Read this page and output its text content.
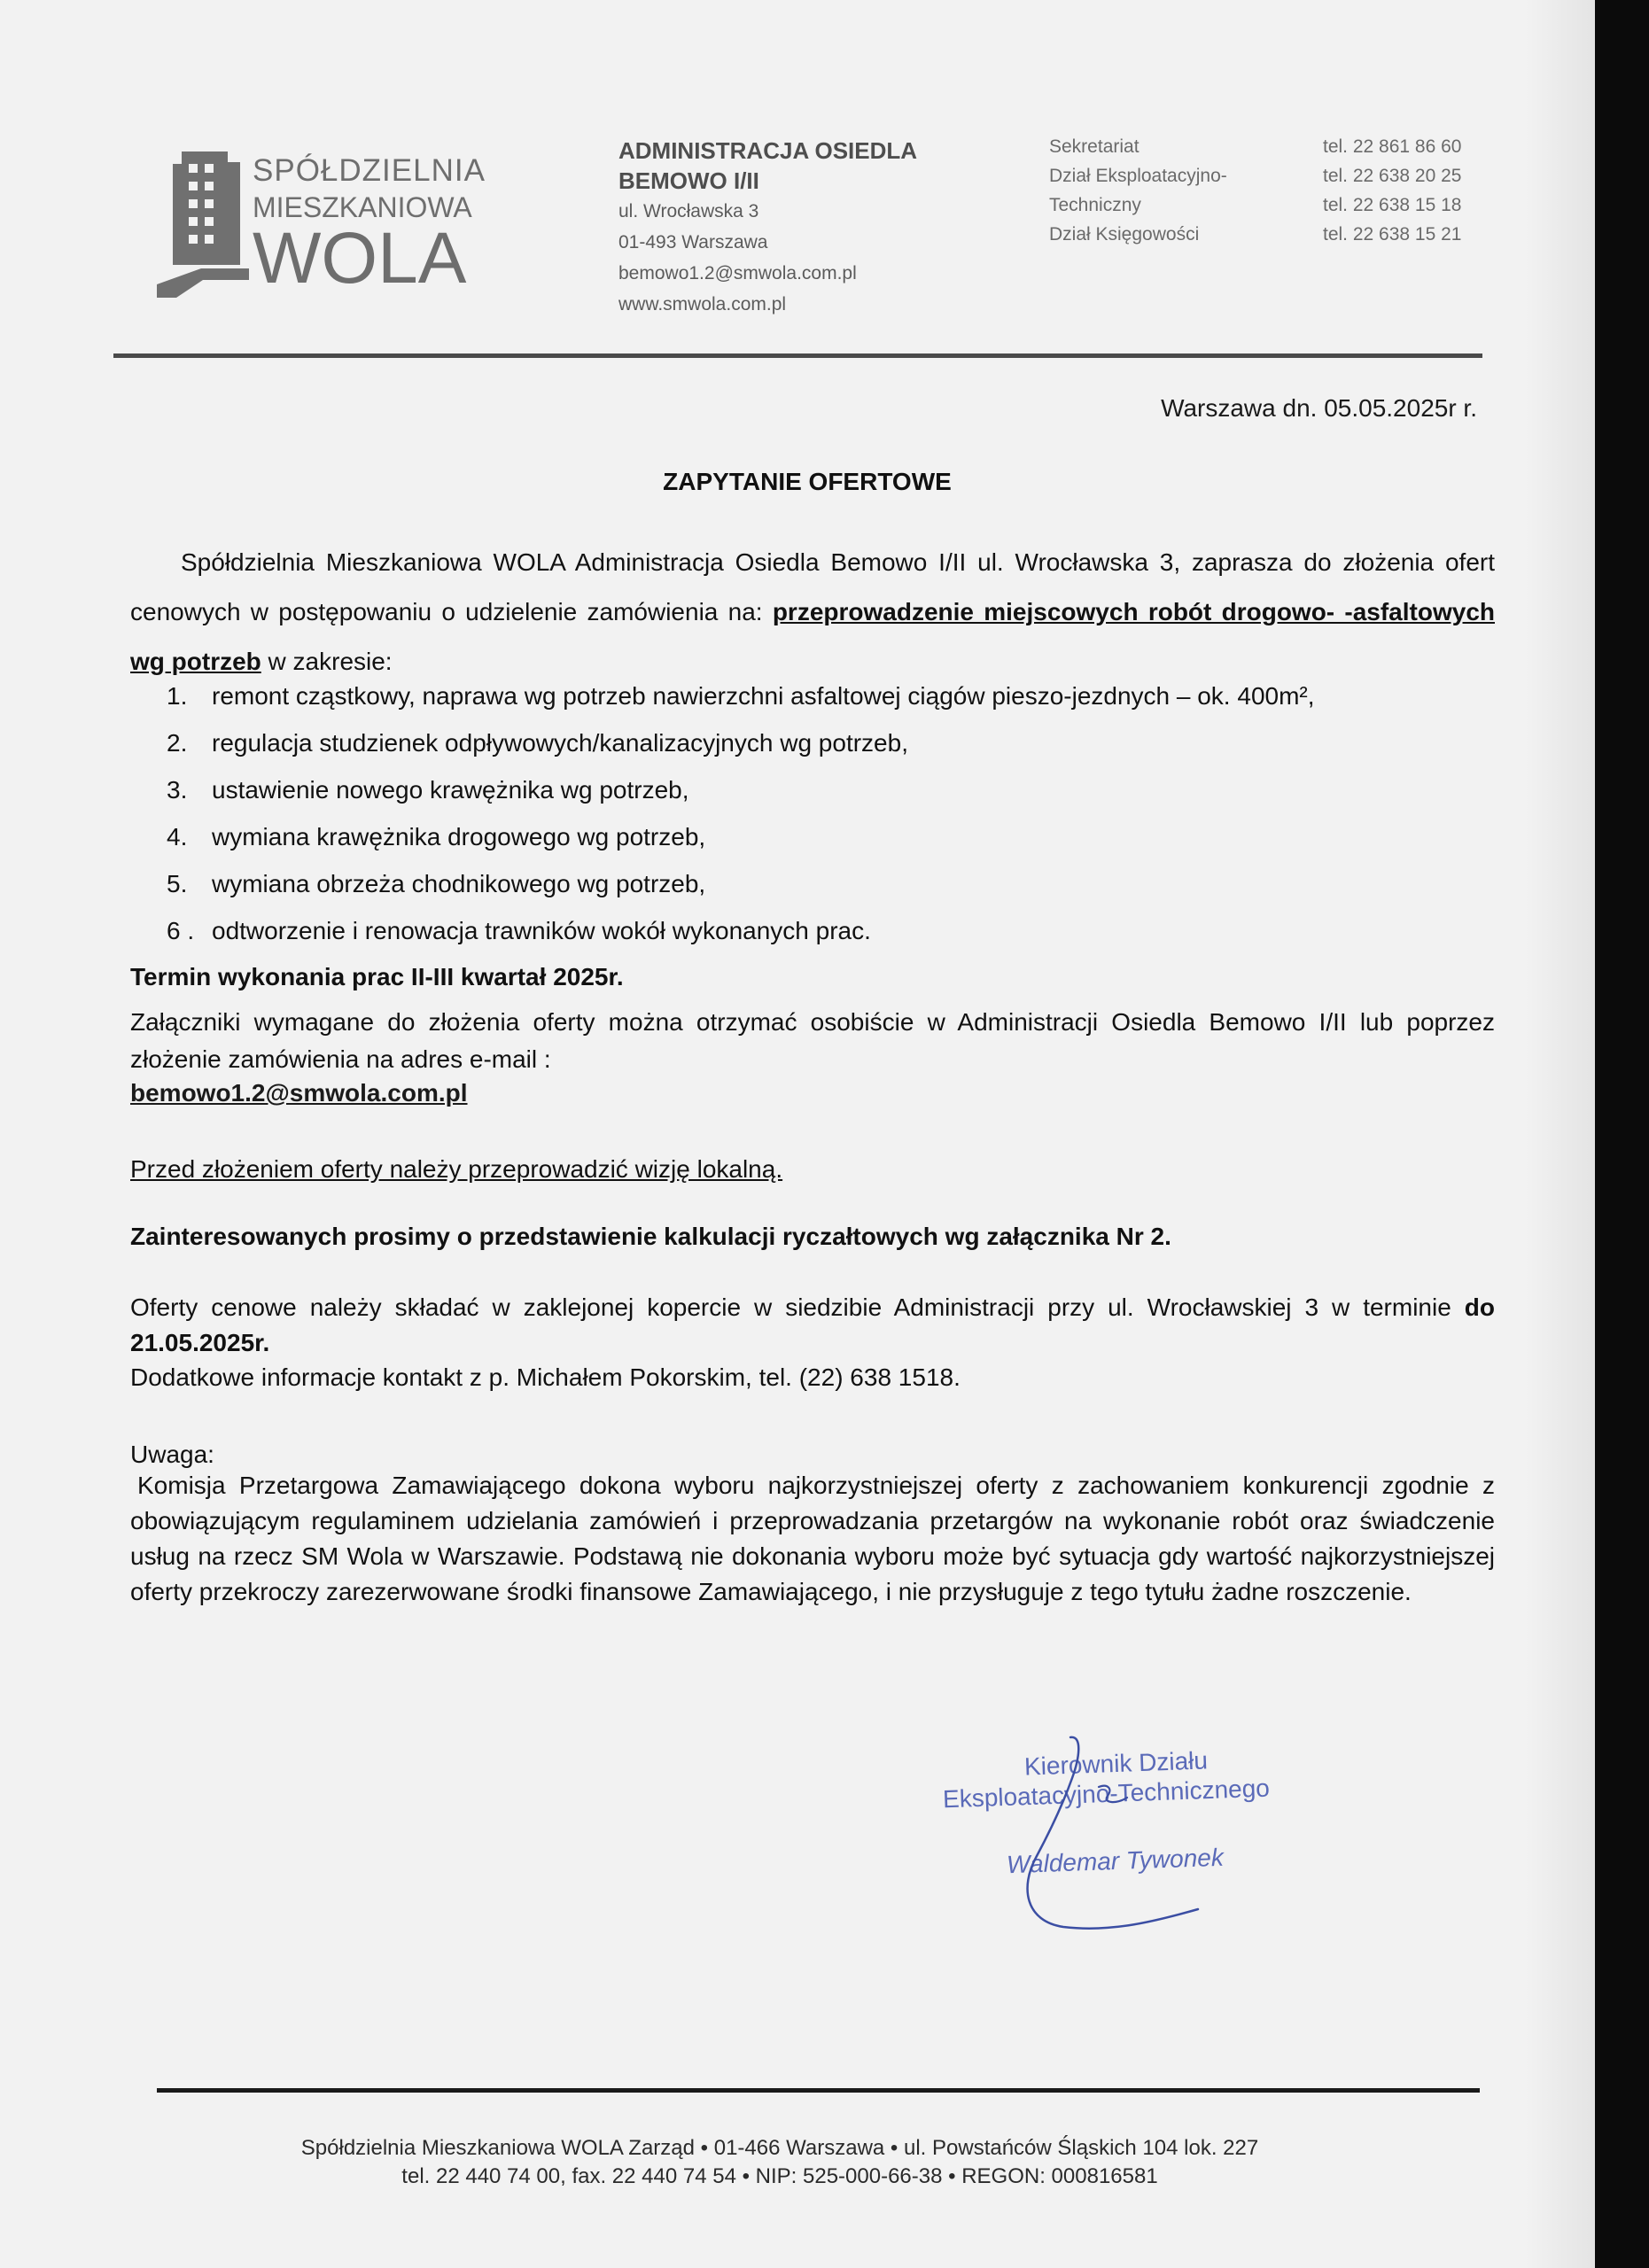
SPÓŁDZIELNIA
MIESZKANIOWA
WOLA
ADMINISTRACJA OSIEDLA
BEMOWO I/II
ul. Wrocławska 3
01-493 Warszawa
bemowo1.2@smwola.com.pl
www.smwola.com.pl
Sekretariat	tel. 22 861 86 60
Dział Eksploatacyjno-	tel. 22 638 20 25
Techniczny	tel. 22 638 15 18
Dział Księgowości	tel. 22 638 15 21
Warszawa dn. 05.05.2025r r.
ZAPYTANIE OFERTOWE
Spółdzielnia Mieszkaniowa WOLA Administracja Osiedla Bemowo I/II ul. Wrocławska 3, zaprasza do złożenia ofert cenowych w postępowaniu o udzielenie zamówienia na: przeprowadzenie miejscowych robót drogowo- -asfaltowych wg potrzeb w zakresie:
1. remont cząstkowy, naprawa wg potrzeb nawierzchni asfaltowej ciągów pieszo-jezdnych – ok. 400m²,
2. regulacja studzienek odpływowych/kanalizacyjnych wg potrzeb,
3. ustawienie nowego krawężnika wg potrzeb,
4. wymiana krawężnika drogowego wg potrzeb,
5. wymiana obrzeża chodnikowego wg potrzeb,
6 . odtworzenie i renowacja trawników wokół wykonanych prac.
Termin wykonania prac II-III kwartał 2025r.
Załączniki wymagane do złożenia oferty można otrzymać osobiście w Administracji Osiedla Bemowo I/II lub poprzez złożenie zamówienia na adres e-mail :
bemowo1.2@smwola.com.pl
Przed złożeniem oferty należy przeprowadzić wizję lokalną.
Zainteresowanych prosimy o przedstawienie kalkulacji ryczałtowych wg załącznika Nr 2.
Oferty cenowe należy składać w zaklejonej kopercie w siedzibie Administracji przy ul. Wrocławskiej 3 w terminie do 21.05.2025r.
Dodatkowe informacje kontakt z p. Michałem Pokorskim, tel. (22) 638 1518.
Uwaga:
Komisja Przetargowa Zamawiającego dokona wyboru najkorzystniejszej oferty z zachowaniem konkurencji zgodnie z obowiązującym regulaminem udzielania zamówień i przeprowadzania przetargów na wykonanie robót oraz świadczenie usług na rzecz SM Wola w Warszawie. Podstawą nie dokonania wyboru może być sytuacja gdy wartość najkorzystniejszej oferty przekroczy zarezerwowane środki finansowe Zamawiającego, i nie przysługuje z tego tytułu żadne roszczenie.
Kierownik Działu
Eksploatacyjno-Technicznego
Waldemar Tywonek
Spółdzielnia Mieszkaniowa WOLA Zarząd • 01-466 Warszawa • ul. Powstańców Śląskich 104 lok. 227
tel. 22 440 74 00, fax. 22 440 74 54 • NIP: 525-000-66-38 • REGON: 000816581
